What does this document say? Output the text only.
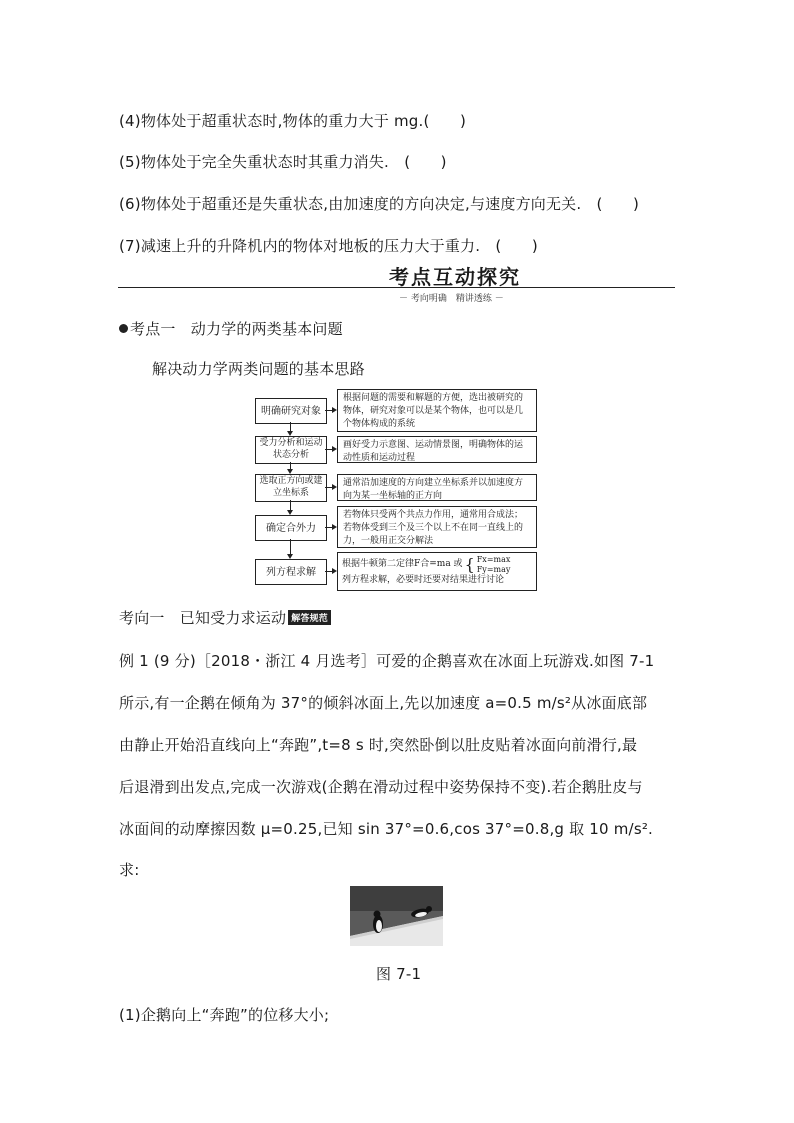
(4)物体处于超重状态时,物体的重力大于 mg.(　　)
(5)物体处于完全失重状态时其重力消失.　(　　)
(6)物体处于超重还是失重状态,由加速度的方向决定,与速度方向无关.　(　　)
(7)减速上升的升降机内的物体对地板的压力大于重力.　(　　)
考点互动探究
－ 考向明确　精讲透练 －
考点一　动力学的两类基本问题
解决动力学两类问题的基本思路
明确研究对象
受力分析和运动状态分析
选取正方向或建立坐标系
确定合外力
列方程求解
根据问题的需要和解题的方便，选出被研究的物体，研究对象可以是某个物体，也可以是几个物体构成的系统
画好受力示意图、运动情景图，明确物体的运动性质和运动过程
通常沿加速度的方向建立坐标系并以加速度方向为某一坐标轴的正方向
若物体只受两个共点力作用，通常用合成法；若物体受到三个及三个以上不在同一直线上的力，一般用正交分解法
根据牛顿第二定律F合=ma 或 { Fx=max
Fy=may
列方程求解，必要时还要对结果进行讨论
考向一　已知受力求运动 解答规范
例 1 (9 分)［2018・浙江 4 月选考］可爱的企鹅喜欢在冰面上玩游戏.如图 7-1
所示,有一企鹅在倾角为 37°的倾斜冰面上,先以加速度 a=0.5 m/s²从冰面底部
由静止开始沿直线向上“奔跑”,t=8 s 时,突然卧倒以肚皮贴着冰面向前滑行,最
后退滑到出发点,完成一次游戏(企鹅在滑动过程中姿势保持不变).若企鹅肚皮与
冰面间的动摩擦因数 μ=0.25,已知 sin 37°=0.6,cos 37°=0.8,g 取 10 m/s².
求:
图 7-1
(1)企鹅向上“奔跑”的位移大小;
